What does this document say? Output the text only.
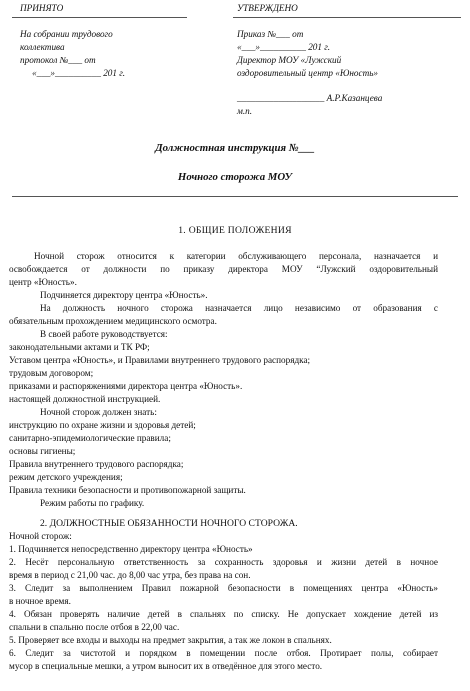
ПРИНЯТО
На собрании трудового
коллектива
протокол №___ от
«___»__________ 201 г.
УТВЕРЖДЕНО
Приказ №___ от
«___»__________ 201 г.
Директор МОУ «Лужский
оздоровительный центр «Юность»
___________________ А.Р.Казанцева
м.п.
Должностная инструкция №___
Ночного сторожа МОУ
1. ОБЩИЕ ПОЛОЖЕНИЯ
Ночной сторож относится к категории обслуживающего персонала, назначается и
освобождается от должности по приказу директора МОУ “Лужский оздоровительный
центр «Юность».
Подчиняется директору центра «Юность».
На должность ночного сторожа назначается лицо независимо от образования с
обязательным прохождением медицинского осмотра.
В своей работе руководствуется:
законодательными актами и ТК РФ;
Уставом центра «Юность», и Правилами внутреннего трудового распорядка;
трудовым договором;
приказами и распоряжениями директора центра «Юность».
настоящей должностной инструкцией.
Ночной сторож должен знать:
инструкцию по охране жизни и здоровья детей;
санитарно-эпидемиологические правила;
основы гигиены;
Правила внутреннего трудового распорядка;
режим детского учреждения;
Правила техники безопасности и противопожарной защиты.
Режим работы по графику.
2. ДОЛЖНОСТНЫЕ ОБЯЗАННОСТИ НОЧНОГО СТОРОЖА.
Ночной сторож:
1. Подчиняется непосредственно директору центра «Юность»
2. Несёт персональную ответственность за сохранность здоровья и жизни детей в ночное
время в период с 21,00 час. до 8,00 час утра, без права на сон.
3. Следит за выполнением Правил пожарной безопасности в помещениях центра «Юность»
в ночное время.
4. Обязан проверять наличие детей в спальнях по списку. Не допускает хождение детей из
спальни в спальню после отбоя в 22,00 час.
5. Проверяет все входы и выходы на предмет закрытия, а так же локон в спальнях.
6. Следит за чистотой и порядком в помещении после отбоя. Протирает полы, собирает
мусор в специальные мешки, а утром выносит их в отведённое для этого место.
